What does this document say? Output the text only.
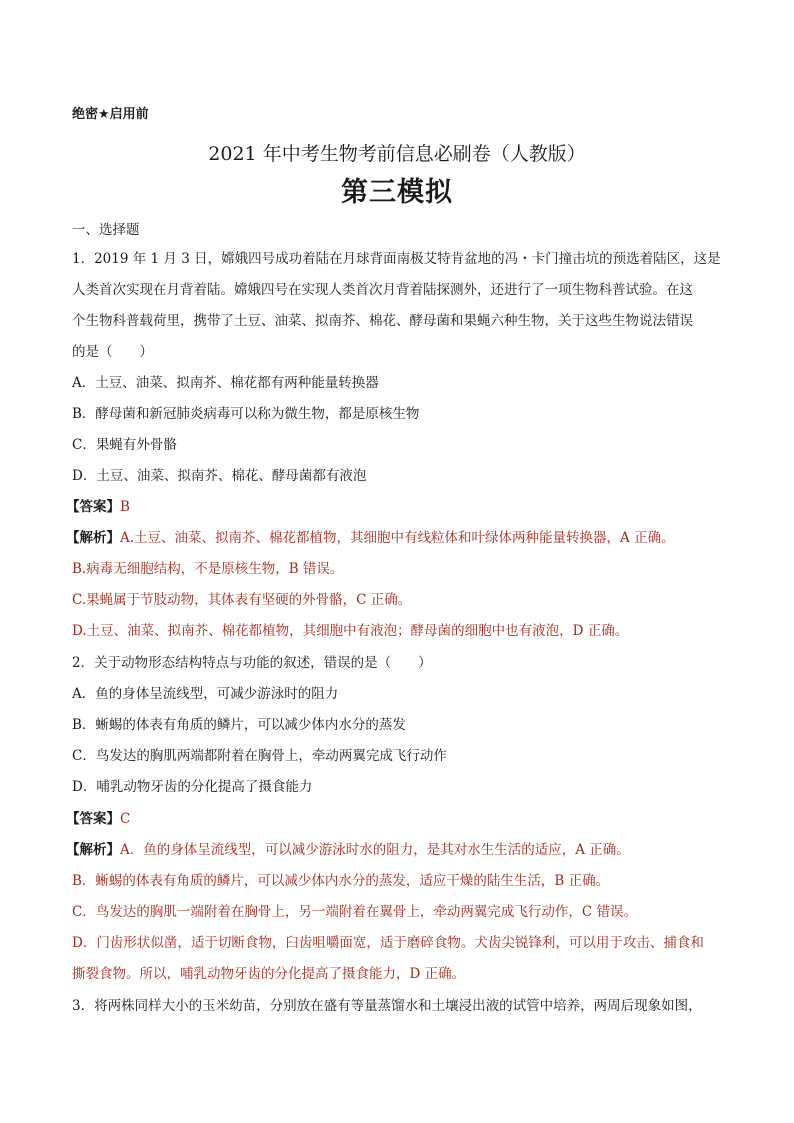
绝密★启用前
2021 年中考生物考前信息必刷卷（人教版）
第三模拟
一、选择题
1．2019 年 1 月 3 日，嫦娥四号成功着陆在月球背面南极艾特肯盆地的冯・卡门撞击坑的预选着陆区，这是
人类首次实现在月背着陆。嫦娥四号在实现人类首次月背着陆探测外，还进行了一项生物科普试验。在这
个生物科普载荷里，携带了土豆、油菜、拟南芥、棉花、酵母菌和果蝇六种生物，关于这些生物说法错误
的是（　　）
A．土豆、油菜、拟南芥、棉花都有两种能量转换器
B．酵母菌和新冠肺炎病毒可以称为微生物，都是原核生物
C．果蝇有外骨骼
D．土豆、油菜、拟南芥、棉花、酵母菌都有液泡
【答案】B
【解析】A.土豆、油菜、拟南芥、棉花都植物，其细胞中有线粒体和叶绿体两种能量转换器，A 正确。
B.病毒无细胞结构，不是原核生物，B 错误。
C.果蝇属于节肢动物，其体表有坚硬的外骨骼，C 正确。
D.土豆、油菜、拟南芥、棉花都植物，其细胞中有液泡；酵母菌的细胞中也有液泡，D 正确。
2．关于动物形态结构特点与功能的叙述，错误的是（　　）
A．鱼的身体呈流线型，可减少游泳时的阻力
B．蜥蜴的体表有角质的鳞片，可以减少体内水分的蒸发
C．鸟发达的胸肌两端都附着在胸骨上，牵动两翼完成飞行动作
D．哺乳动物牙齿的分化提高了摄食能力
【答案】C
【解析】A．鱼的身体呈流线型，可以减少游泳时水的阻力，是其对水生生活的适应，A 正确。
B．蜥蜴的体表有角质的鳞片，可以减少体内水分的蒸发，适应干燥的陆生生活，B 正确。
C．鸟发达的胸肌一端附着在胸骨上，另一端附着在翼骨上，牵动两翼完成飞行动作，C 错误。
D．门齿形状似凿，适于切断食物，臼齿咀嚼面宽，适于磨碎食物。犬齿尖锐锋利，可以用于攻击、捕食和
撕裂食物。所以，哺乳动物牙齿的分化提高了摄食能力，D 正确。
3．将两株同样大小的玉米幼苗，分别放在盛有等量蒸馏水和土壤浸出液的试管中培养，两周后现象如图，
